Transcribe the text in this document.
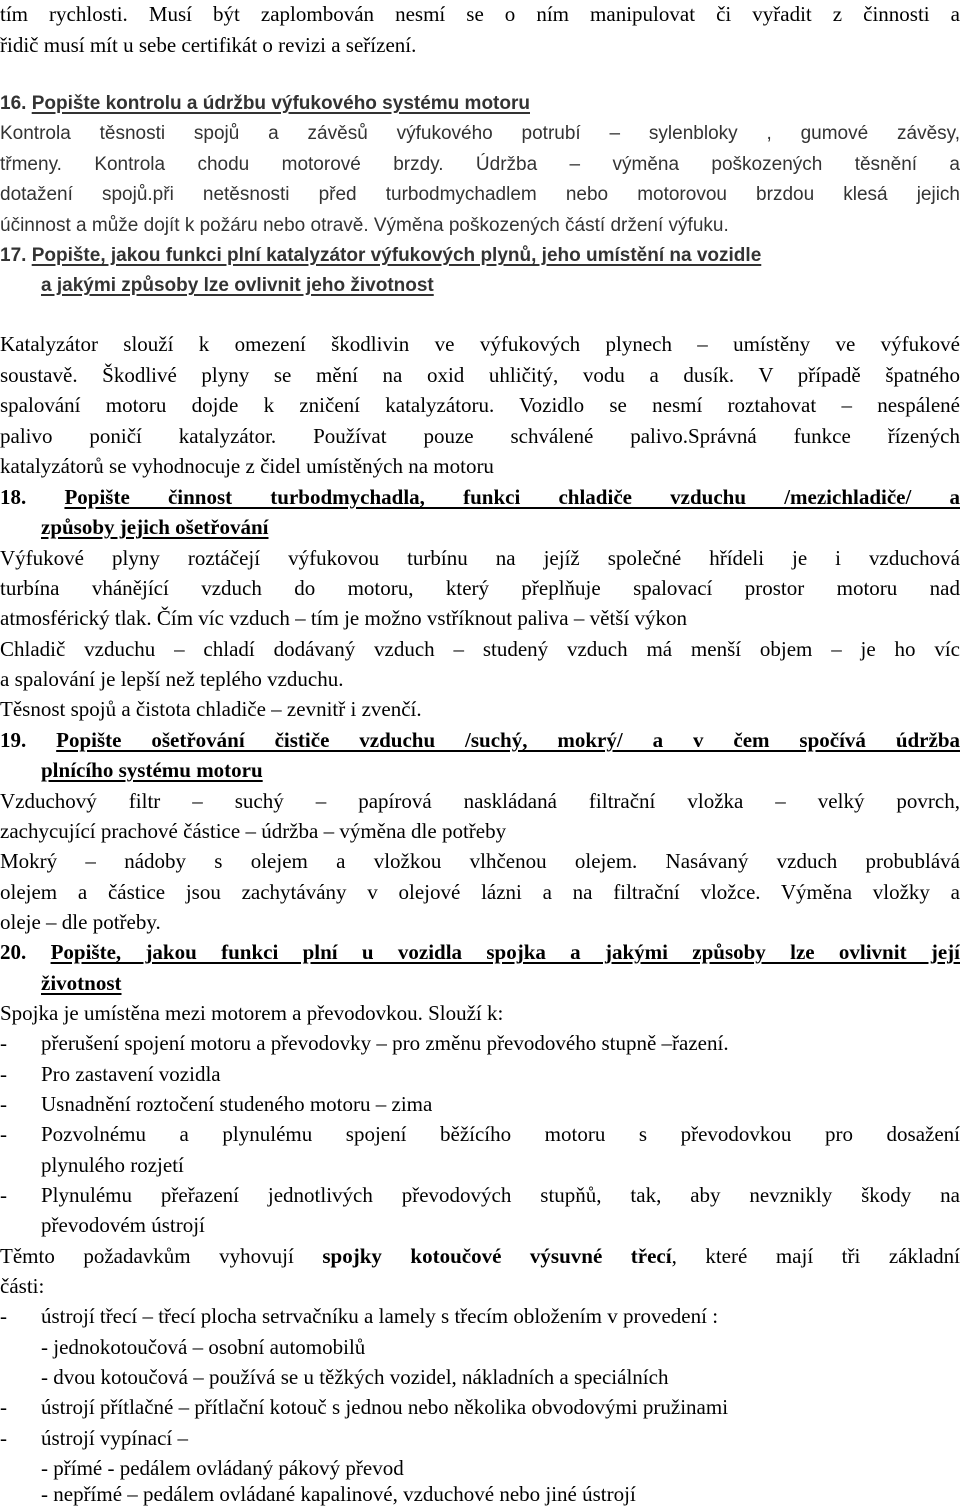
tím rychlosti. Musí být zaplombován nesmí se o ním manipulovat či vyřadit z činnosti a
řidič musí mít u sebe certifikát o revizi a seřízení.
16. Popište kontrolu a údržbu výfukového systému motoru
Kontrola těsnosti spojů a závěsů výfukového potrubí – sylenbloky , gumové závěsy,
třmeny. Kontrola chodu motorové brzdy. Údržba – výměna poškozených těsnění a
dotažení spojů.při netěsnosti před turbodmychadlem nebo motorovou brzdou klesá jejich
účinnost a může dojít k požáru nebo otravě. Výměna poškozených částí držení výfuku.
17. Popište, jakou funkci plní katalyzátor výfukových plynů, jeho umístění na vozidle
a jakými způsoby lze ovlivnit jeho životnost
Katalyzátor slouží k omezení škodlivin ve výfukových plynech – umístěny ve výfukové
soustavě. Škodlivé plyny se mění na oxid uhličitý, vodu a dusík. V případě špatného
spalování motoru dojde k zničení katalyzátoru. Vozidlo se nesmí roztahovat – nespálené
palivo poničí katalyzátor. Používat pouze schválené palivo.Správná funkce řízených
katalyzátorů se vyhodnocuje z čidel umístěných na motoru
18. Popište činnost turbodmychadla, funkci chladiče vzduchu /mezichladiče/ a
způsoby jejich ošetřování
Výfukové plyny roztáčejí výfukovou turbínu na jejíž společné hřídeli je i vzduchová
turbína vhánějící vzduch do motoru, který přeplňuje spalovací prostor motoru nad
atmosférický tlak. Čím víc vzduch – tím je možno vstříknout paliva – větší výkon
Chladič vzduchu – chladí dodávaný vzduch – studený vzduch má menší objem – je ho víc
a spalování je lepší než teplého vzduchu.
Těsnost spojů a čistota chladiče – zevnitř i zvenčí.
19. Popište ošetřování čističe vzduchu /suchý, mokrý/ a v čem spočívá údržba
plnícího systému motoru
Vzduchový filtr – suchý – papírová naskládaná filtrační vložka – velký povrch,
zachycující prachové částice – údržba – výměna dle potřeby
Mokrý – nádoby s olejem a vložkou vlhčenou olejem. Nasávaný vzduch probublává
olejem a částice jsou zachytávány v olejové lázni a na filtrační vložce. Výměna vložky a
oleje – dle potřeby.
20. Popište, jakou funkci plní u vozidla spojka a jakými způsoby lze ovlivnit její
životnost
Spojka je umístěna mezi motorem a převodovkou. Slouží k:
- přerušení spojení motoru a převodovky – pro změnu převodového stupně –řazení.
- Pro zastavení vozidla
- Usnadnění roztočení studeného motoru – zima
- Pozvolnému a plynulému spojení běžícího motoru s převodovkou pro dosažení
plynulého rozjetí
- Plynulému přeřazení jednotlivých převodových stupňů, tak, aby nevznikly škody na
převodovém ústrojí
Těmto požadavkům vyhovují spojky kotoučové výsuvné třecí, které mají tři základní
části:
- ústrojí třecí – třecí plocha setrvačníku a lamely s třecím obložením v provedení :
- jednokotoučová – osobní automobilů
- dvou kotoučová – používá se u těžkých vozidel, nákladních a speciálních
- ústrojí přítlačné – přítlační kotouč s jednou nebo několika obvodovými pružinami
- ústrojí vypínací –
- přímé - pedálem ovládaný pákový převod
- nepřímé – pedálem ovládané kapalinové, vzduchové nebo jiné ústrojí
